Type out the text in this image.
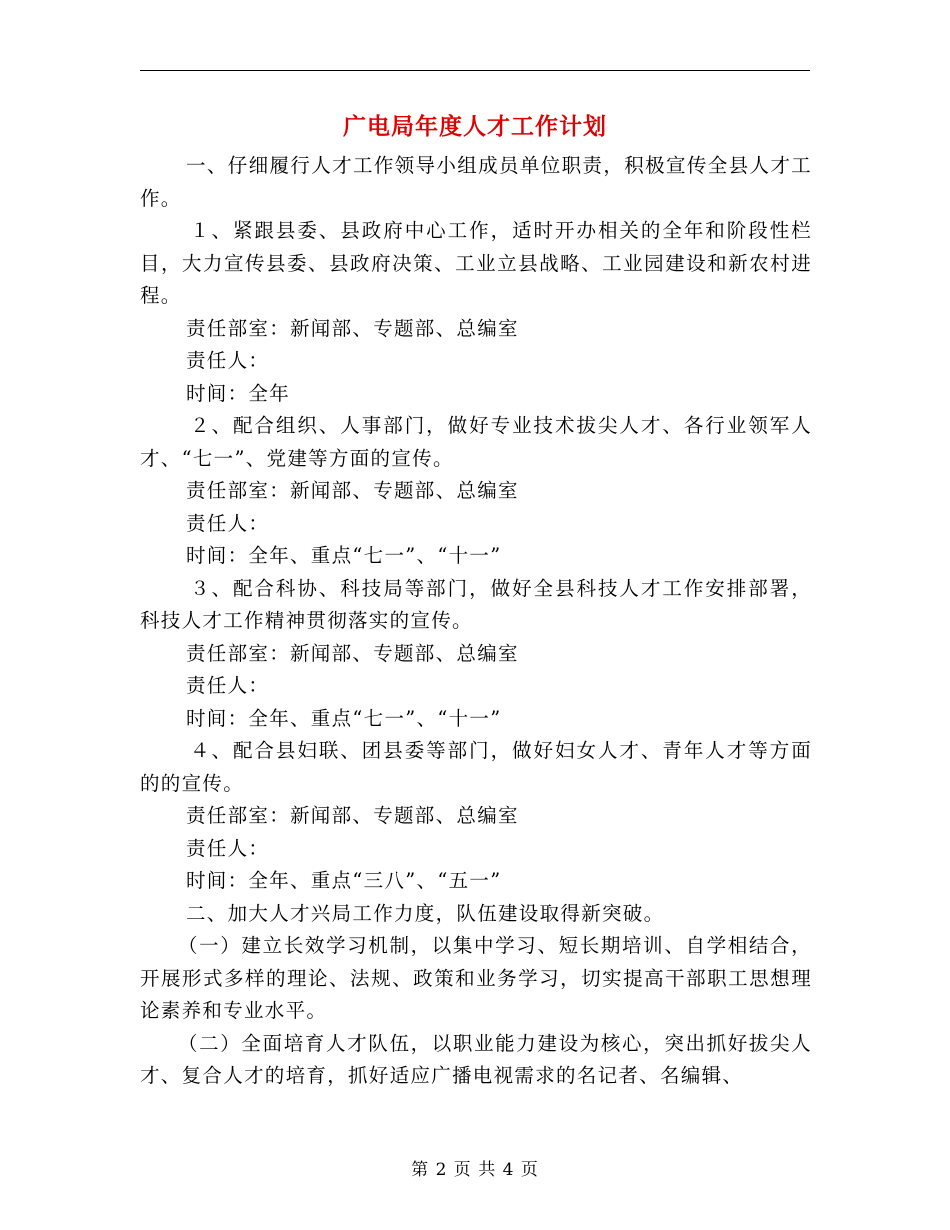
广电局年度人才工作计划

一、仔细履行人才工作领导小组成员单位职责，积极宣传全县人才工作。

１、紧跟县委、县政府中心工作，适时开办相关的全年和阶段性栏目，大力宣传县委、县政府决策、工业立县战略、工业园建设和新农村进程。

责任部室：新闻部、专题部、总编室

责任人：

时间：全年

２、配合组织、人事部门，做好专业技术拔尖人才、各行业领军人才、“七一”、党建等方面的宣传。

责任部室：新闻部、专题部、总编室

责任人：

时间：全年、重点“七一”、“十一”

３、配合科协、科技局等部门，做好全县科技人才工作安排部署，科技人才工作精神贯彻落实的宣传。

责任部室：新闻部、专题部、总编室

责任人：

时间：全年、重点“七一”、“十一”

４、配合县妇联、团县委等部门，做好妇女人才、青年人才等方面的的宣传。

责任部室：新闻部、专题部、总编室

责任人：

时间：全年、重点“三八”、“五一”

二、加大人才兴局工作力度，队伍建设取得新突破。

（一）建立长效学习机制，以集中学习、短长期培训、自学相结合，开展形式多样的理论、法规、政策和业务学习，切实提高干部职工思想理论素养和专业水平。

（二）全面培育人才队伍，以职业能力建设为核心，突出抓好拔尖人才、复合人才的培育，抓好适应广播电视需求的名记者、名编辑、

第 2 页 共 4 页
